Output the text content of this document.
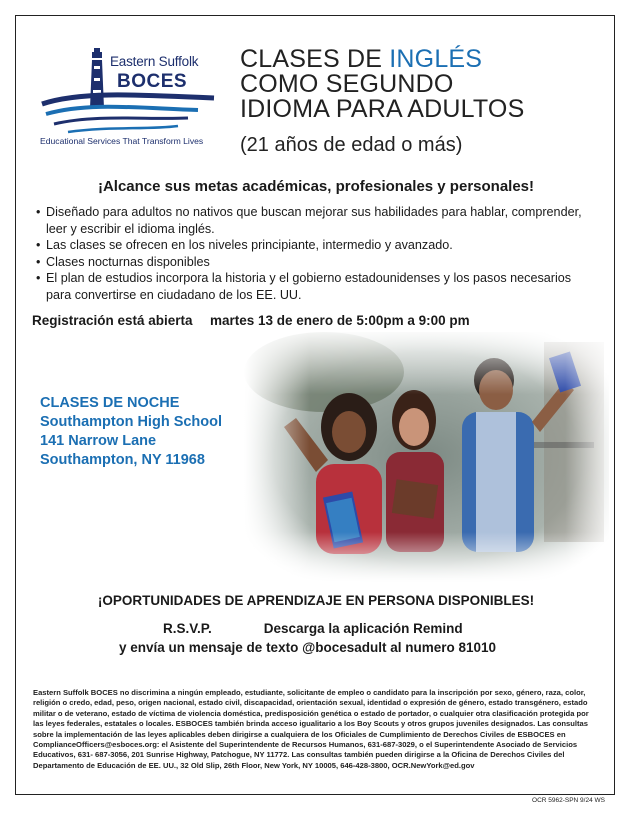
Eastern Suffolk
BOCES
Educational Services That Transform Lives
CLASES DE INGLÉS
COMO SEGUNDO
IDIOMA PARA ADULTOS
(21 años de edad o más)
¡Alcance sus metas académicas, profesionales y personales!
• Diseñado para adultos no nativos que buscan mejorar sus habilidades para hablar, comprender, leer y escribir el idioma inglés.
• Las clases se ofrecen en los niveles principiante, intermedio y avanzado.
• Clases nocturnas disponibles
• El plan de estudios incorpora la historia y el gobierno estadounidenses y los pasos necesarios para convertirse en ciudadano de los EE. UU.
Registración está abierta martes 13 de enero de 5:00pm a 9:00 pm
CLASES DE NOCHE
Southampton High School
141 Narrow Lane
Southampton, NY 11968
¡OPORTUNIDADES DE APRENDIZAJE EN PERSONA DISPONIBLES!
R.S.V.P.	Descarga la aplicación Remind
y envía un mensaje de texto @bocesadult al numero 81010
Eastern Suffolk BOCES no discrimina a ningún empleado, estudiante, solicitante de empleo o candidato para la inscripción por sexo, género, raza, color, religión o credo, edad, peso, origen nacional, estado civil, discapacidad, orientación sexual, identidad o expresión de género, estado transgénero, estado militar o de veterano, estado de víctima de violencia doméstica, predisposición genética o estado de portador, o cualquier otra clasificación protegida por las leyes federales, estatales o locales. ESBOCES también brinda acceso igualitario a los Boy Scouts y otros grupos juveniles designados. Las consultas sobre la implementación de las leyes aplicables deben dirigirse a cualquiera de los Oficiales de Cumplimiento de Derechos Civiles de ESBOCES en ComplianceOfficers@esboces.org: el Asistente del Superintendente de Recursos Humanos, 631-687-3029, o el Superintendente Asociado de Servicios Educativos, 631- 687-3056, 201 Sunrise Highway, Patchogue, NY 11772. Las consultas también pueden dirigirse a la Oficina de Derechos Civiles del Departamento de Educación de EE. UU., 32 Old Slip, 26th Floor, New York, NY 10005, 646-428-3800, OCR.NewYork@ed.gov
OCR 5962-SPN 9/24 WS
